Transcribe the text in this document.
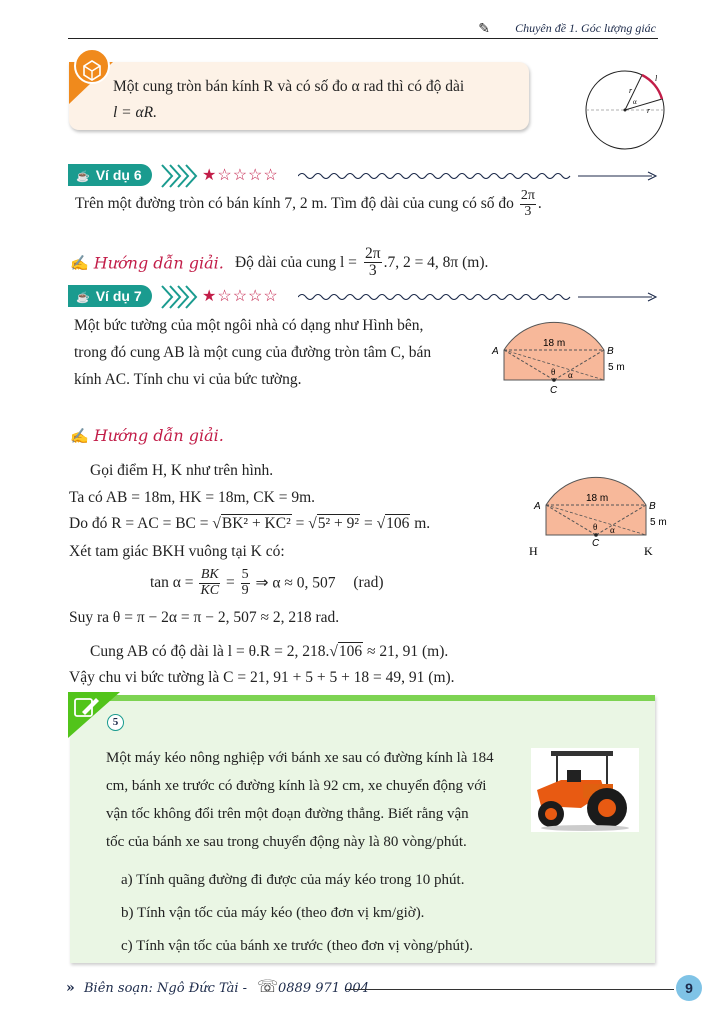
✎ Chuyên đề 1. Góc lượng giác
Một cung tròn bán kính R và có số đo α rad thì có độ dài
l = αR.
r
r
l
α
☕ Ví dụ 6	★☆☆☆☆
Trên một đường tròn có bán kính 7, 2 m. Tìm độ dài của cung có số đo $\frac{2\pi}{3}$ .
✍ Hướng dẫn giải. Độ dài của cung $l = \frac{2\pi}{3} .7$, 2 = 4, 8π (m).
☕ Ví dụ 7	★☆☆☆☆
Một bức tường của một ngôi nhà có dạng như Hình bên,
trong đó cung AB là một cung của đường tròn tâm C, bán
kính AC. Tính chu vi của bức tường.
A	B
C
18 m
5 m
θ α
✍ Hướng dẫn giải.
Gọi điểm H, K như trên hình.
Ta có AB = 18m, HK = 18m, CK = 9m.
Do đó R = AC = BC = √BK² + KC² = √5² + 9² = √106 m.
Xét tam giác BKH vuông tại K có:
$\tan \alpha = \frac{BK}{KC} = \frac{5}{9}$ ⇒ α ≈ 0, 507 (rad)
Suy ra θ = π − 2α = π − 2, 507 ≈ 2, 218 rad.
Cung AB có độ dài là l = θ.R = 2, 218.√106 ≈ 21, 91 (m).
Vậy chu vi bức tường là C = 21, 91 + 5 + 5 + 18 = 49, 91 (m).
A	B
C
H	K
18 m
5 m
θ α
5
Một máy kéo nông nghiệp với bánh xe sau có đường kính là 184
cm, bánh xe trước có đường kính là 92 cm, xe chuyển động với
vận tốc không đổi trên một đoạn đường thẳng. Biết rằng vận
tốc của bánh xe sau trong chuyển động này là 80 vòng/phút.
a) Tính quãng đường đi được của máy kéo trong 10 phút.
b) Tính vận tốc của máy kéo (theo đơn vị km/giờ).
c) Tính vận tốc của bánh xe trước (theo đơn vị vòng/phút).
» Biên soạn: Ngô Đức Tài - ☏ 0889 971 004	9
